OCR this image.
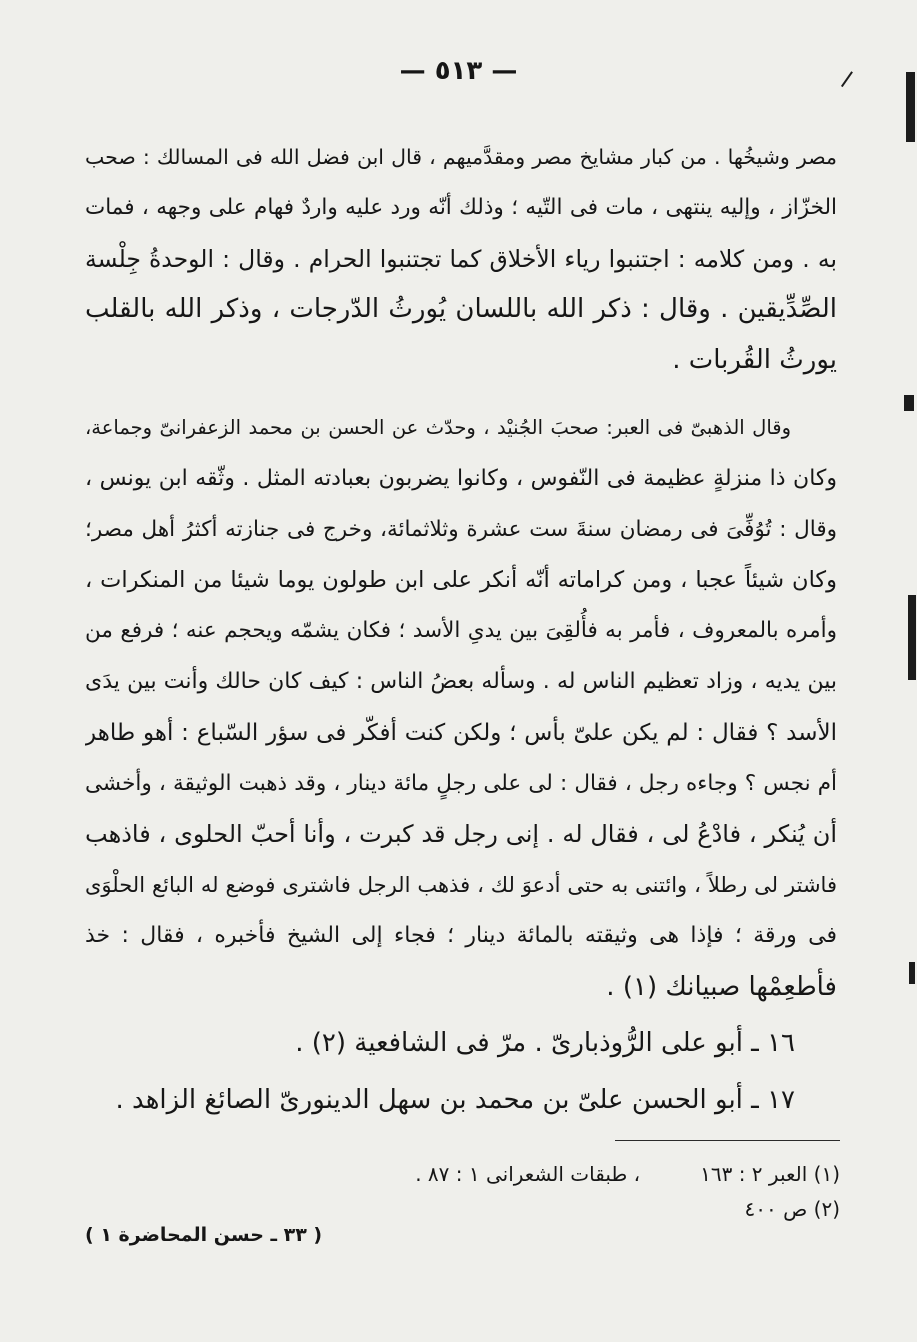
— ٥١٣ —
مصر وشيخُها . من كبار مشايخ مصر ومقدَّميهم ، قال ابن فضل الله فى المسالك : صحب
الخزّاز ، وإليه ينتهى ، مات فى التّيه ؛ وذلك أنّه ورد عليه واردٌ فهام على وجهه ، فمات
به . ومن كلامه : اجتنبوا رياء الأخلاق كما تجتنبوا الحرام . وقال : الوحدةُ جِلْسة
الصِّدِّيقين . وقال : ذكر الله باللسان يُورثُ الدّرجات ، وذكر الله بالقلب
يورثُ القُربات .
وقال الذهبىّ فى العبر: صحبَ الجُنيْد ، وحدّث عن الحسن بن محمد الزعفرانىّ وجماعة،
وكان ذا منزلةٍ عظيمة فى النّفوس ، وكانوا يضربون بعبادته المثل . وثّقه ابن يونس ،
وقال : تُوُفِّىَ فى رمضان سنةَ ست عشرة وثلاثمائة، وخرج فى جنازته أكثرُ أهل مصر؛
وكان شيئاً عجبا ، ومن كراماته أنّه أنكر على ابن طولون يوما شيئا من المنكرات ،
وأمره بالمعروف ، فأمر به فأُلقِىَ بين يدىِ الأسد ؛ فكان يشمّه ويحجم عنه ؛ فرفع من
بين يديه ، وزاد تعظيم الناس له . وسأله بعضُ الناس : كيف كان حالك وأنت بين يدَى
الأسد ؟ فقال : لم يكن علىّ بأس ؛ ولكن كنت أفكّر فى سؤر السّباع : أهو طاهر
أم نجس ؟ وجاءه رجل ، فقال : لى على رجلٍ مائة دينار ، وقد ذهبت الوثيقة ، وأخشى
أن يُنكر ، فادْعُ لى ، فقال له . إنى رجل قد كبرت ، وأنا أحبّ الحلوى ، فاذهب
فاشتر لى رطلاً ، وائتنى به حتى أدعوَ لك ، فذهب الرجل فاشترى فوضع له البائع الحلْوَى
فى ورقة ؛ فإذا هى وثيقته بالمائة دينار ؛ فجاء إلى الشيخ فأخبره ، فقال : خذ
فأطعِمْها صبيانك (١) .
١٦ ـ أبو على الرُّوذبارىّ . مرّ فى الشافعية (٢) .
١٧ ـ أبو الحسن علىّ بن محمد بن سهل الدينورىّ الصائغ الزاهد .
(١) العبر ٢ : ١٦٣، طبقات الشعرانى ١ : ٨٧ .
(٢) ص ٤٠٠
( ٣٣ ـ حسن المحاضرة ١ )
